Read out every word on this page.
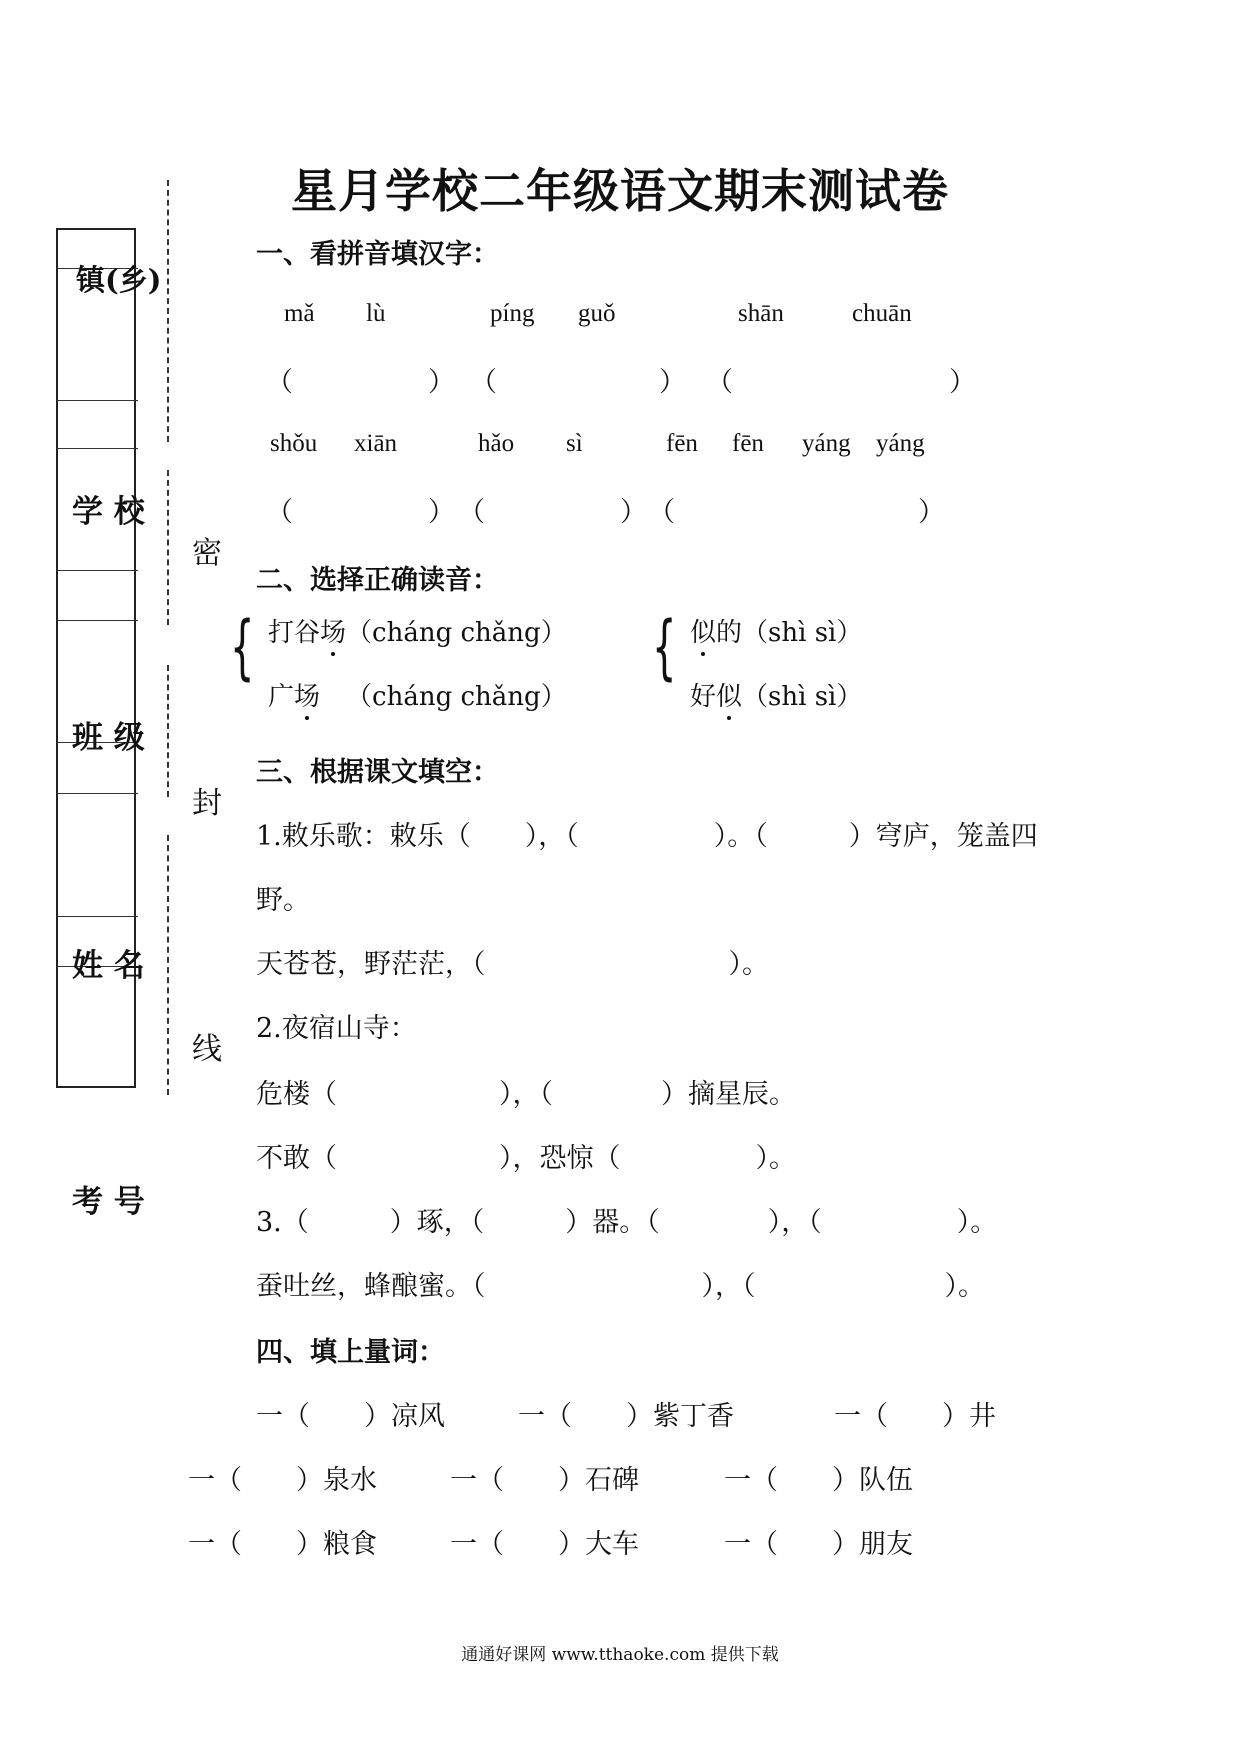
星月学校二年级语文期末测试卷
镇(乡)
学 校
班 级
姓 名
考 号
密
封
线
一、看拼音填汉字：
mǎ lù	píng guǒ	shān	chuān
（　　　　　） （　　　　　　） （　　　　　　　　）
shǒu xiān	hǎo sì	fēn fēn yáng yáng
（　　　　　） （　　　　　） （　　　　　　　　　）
二、选择正确读音：
{ 打谷场（cháng chǎng）
广场 （cháng chǎng）
{ 似的（shì sì）
好似（shì sì）
三、根据课文填空：
1.敕乐歌：敕乐（　　），（　　　　　）。（　　　）穹庐，笼盖四
野。
天苍苍，野茫茫，（　　　　　　　　　）。
2.夜宿山寺：
危楼（　　　　　　），（　　　　）摘星辰。
不敢（　　　　　　），恐惊（　　　　　）。
3.（　　　）琢，（　　　）器。（　　　　），（　　　　　）。
蚕吐丝，蜂酿蜜。（　　　　　　　　），（　　　　　　　）。
四、填上量词：
一（　　）凉风	一（　　）紫丁香	一（　　）井
一（　　）泉水	一（　　）石碑	一（　　）队伍
一（　　）粮食	一（　　）大车	一（　　）朋友
通通好课网 www.tthaoke.com 提供下载
